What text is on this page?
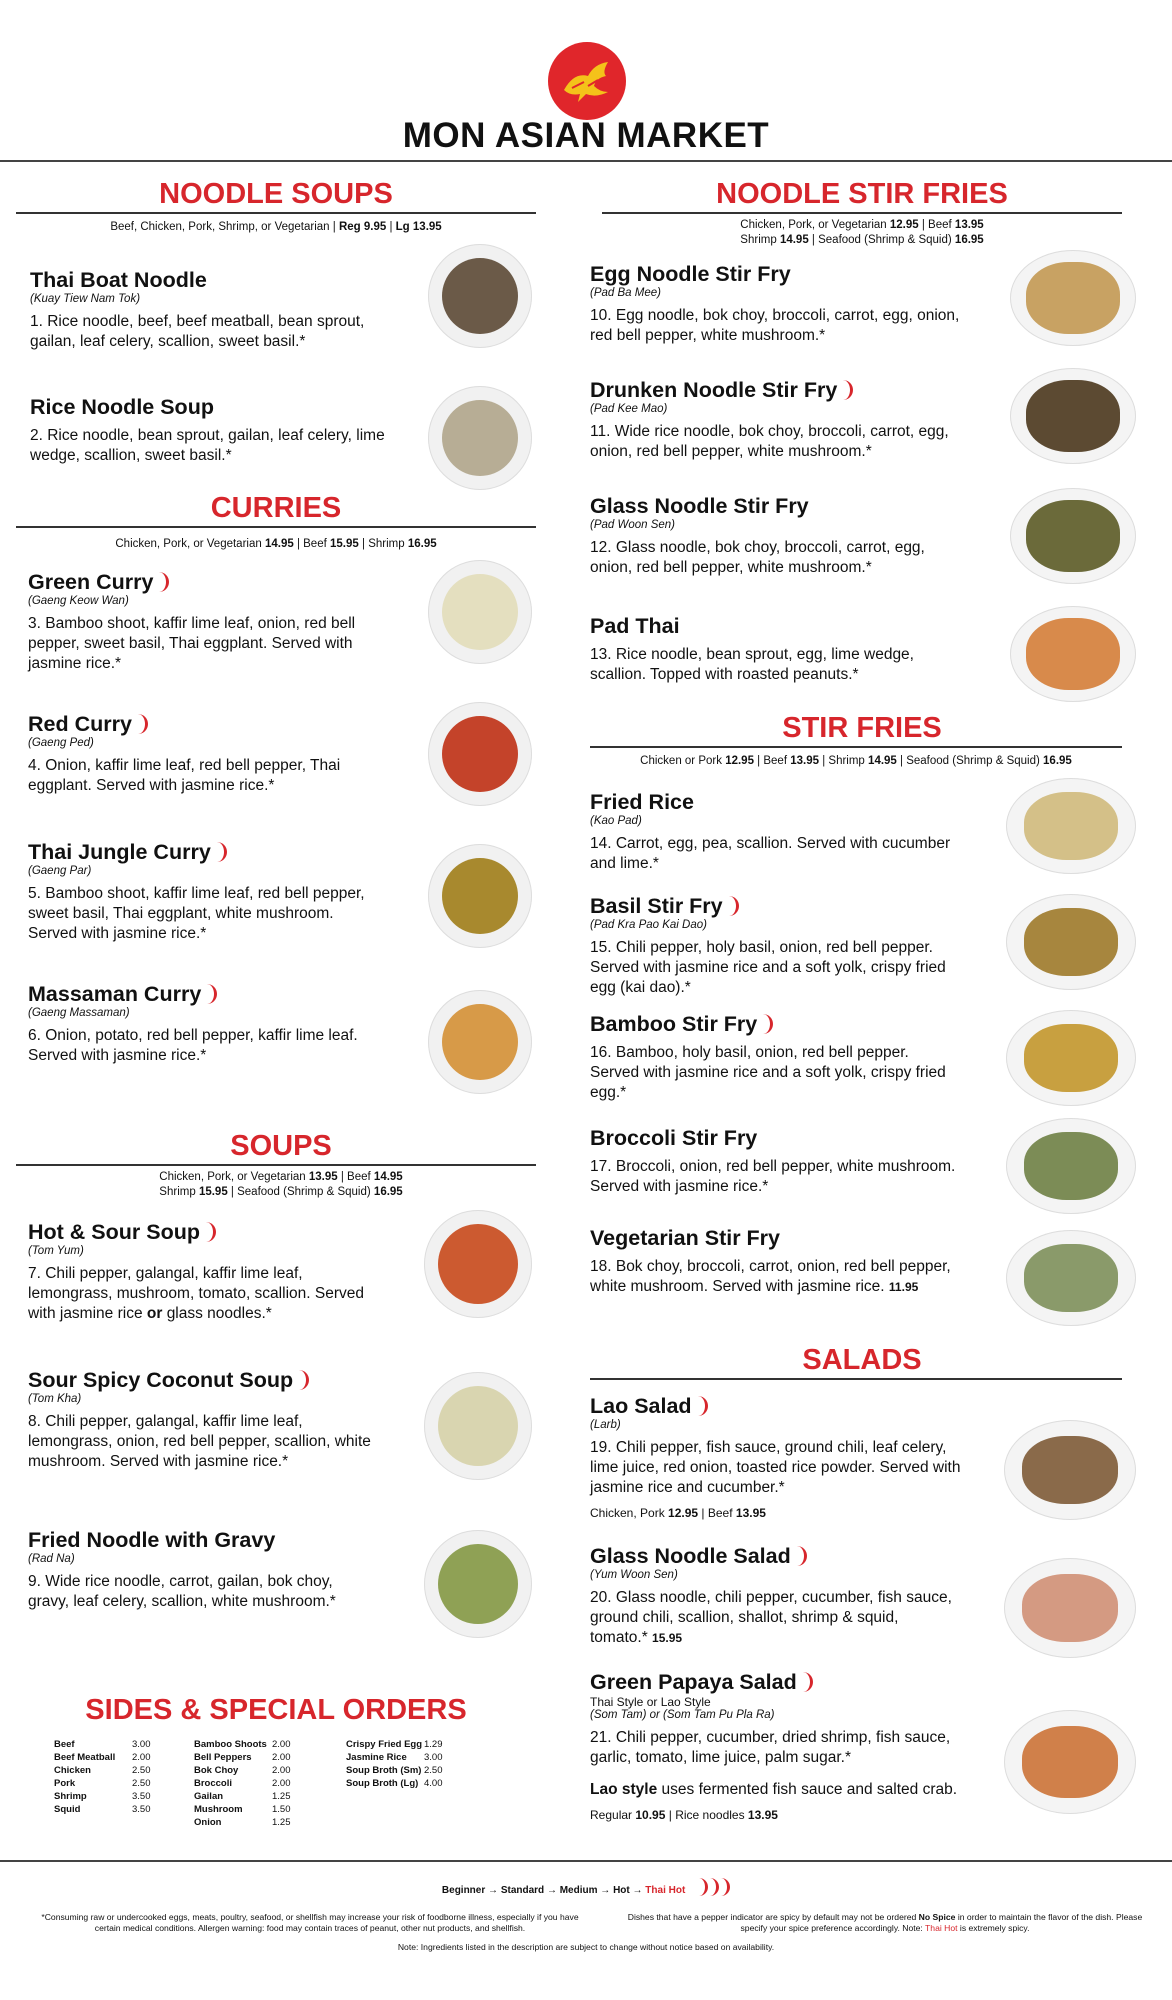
MON ASIAN MARKET
NOODLE SOUPS
Beef, Chicken, Pork, Shrimp, or Vegetarian | Reg 9.95 | Lg 13.95
Thai Boat Noodle
(Kuay Tiew Nam Tok)
1. Rice noodle, beef, beef meatball, bean sprout, gailan, leaf celery, scallion, sweet basil.*
Rice Noodle Soup
2. Rice noodle, bean sprout, gailan, leaf celery, lime wedge, scallion, sweet basil.*
CURRIES
Chicken, Pork, or Vegetarian 14.95 | Beef 15.95 | Shrimp 16.95
Green Curry
(Gaeng Keow Wan)
3. Bamboo shoot, kaffir lime leaf, onion, red bell pepper, sweet basil, Thai eggplant. Served with jasmine rice.*
Red Curry
(Gaeng Ped)
4. Onion, kaffir lime leaf, red bell pepper, Thai eggplant. Served with jasmine rice.*
Thai Jungle Curry
(Gaeng Par)
5. Bamboo shoot, kaffir lime leaf, red bell pepper, sweet basil, Thai eggplant, white mushroom. Served with jasmine rice.*
Massaman Curry
(Gaeng Massaman)
6. Onion, potato, red bell pepper, kaffir lime leaf. Served with jasmine rice.*
SOUPS
Chicken, Pork, or Vegetarian 13.95 | Beef 14.95
Shrimp 15.95 | Seafood (Shrimp & Squid) 16.95
Hot & Sour Soup
(Tom Yum)
7. Chili pepper, galangal, kaffir lime leaf, lemongrass, mushroom, tomato, scallion. Served with jasmine rice or glass noodles.*
Sour Spicy Coconut Soup
(Tom Kha)
8. Chili pepper, galangal, kaffir lime leaf, lemongrass, onion, red bell pepper, scallion, white mushroom. Served with jasmine rice.*
Fried Noodle with Gravy
(Rad Na)
9. Wide rice noodle, carrot, gailan, bok choy, gravy, leaf celery, scallion, white mushroom.*
SIDES & SPECIAL ORDERS
Beef	3.00
Beef Meatball	2.00
Chicken	2.50
Pork	2.50
Shrimp	3.50
Squid	3.50
Bamboo Shoots	2.00
Bell Peppers	2.00
Bok Choy	2.00
Broccoli	2.00
Gailan	1.25
Mushroom	1.50
Onion	1.25
Crispy Fried Egg	1.29
Jasmine Rice	3.00
Soup Broth (Sm)	2.50
Soup Broth (Lg)	4.00
NOODLE STIR FRIES
Chicken, Pork, or Vegetarian 12.95 | Beef 13.95
Shrimp 14.95 | Seafood (Shrimp & Squid) 16.95
Egg Noodle Stir Fry
(Pad Ba Mee)
10. Egg noodle, bok choy, broccoli, carrot, egg, onion, red bell pepper, white mushroom.*
Drunken Noodle Stir Fry
(Pad Kee Mao)
11. Wide rice noodle, bok choy, broccoli, carrot, egg, onion, red bell pepper, white mushroom.*
Glass Noodle Stir Fry
(Pad Woon Sen)
12. Glass noodle, bok choy, broccoli, carrot, egg, onion, red bell pepper, white mushroom.*
Pad Thai
13. Rice noodle, bean sprout, egg, lime wedge, scallion. Topped with roasted peanuts.*
STIR FRIES
Chicken or Pork 12.95 | Beef 13.95 | Shrimp 14.95 | Seafood (Shrimp & Squid) 16.95
Fried Rice
(Kao Pad)
14. Carrot, egg, pea, scallion. Served with cucumber and lime.*
Basil Stir Fry
(Pad Kra Pao Kai Dao)
15. Chili pepper, holy basil, onion, red bell pepper. Served with jasmine rice and a soft yolk, crispy fried egg (kai dao).*
Bamboo Stir Fry
16. Bamboo, holy basil, onion, red bell pepper. Served with jasmine rice and a soft yolk, crispy fried egg.*
Broccoli Stir Fry
17. Broccoli, onion, red bell pepper, white mushroom. Served with jasmine rice.*
Vegetarian Stir Fry
18. Bok choy, broccoli, carrot, onion, red bell pepper, white mushroom. Served with jasmine rice. 11.95
SALADS
Lao Salad
(Larb)
19. Chili pepper, fish sauce, ground chili, leaf celery, lime juice, red onion, toasted rice powder. Served with jasmine rice and cucumber.*
Chicken, Pork 12.95 | Beef 13.95
Glass Noodle Salad
(Yum Woon Sen)
20. Glass noodle, chili pepper, cucumber, fish sauce, ground chili, scallion, shallot, shrimp & squid, tomato.* 15.95
Green Papaya Salad
Thai Style or Lao Style
(Som Tam) or (Som Tam Pu Pla Ra)
21. Chili pepper, cucumber, dried shrimp, fish sauce, garlic, tomato, lime juice, palm sugar.*
Lao style uses fermented fish sauce and salted crab.
Regular 10.95 | Rice noodles 13.95
Beginner → Standard → Medium → Hot → Thai Hot
*Consuming raw or undercooked eggs, meats, poultry, seafood, or shellfish may increase your risk of foodborne illness, especially if you have certain medical conditions. Allergen warning: food may contain traces of peanut, other nut products, and shellfish.
Dishes that have a pepper indicator are spicy by default may not be ordered No Spice in order to maintain the flavor of the dish. Please specify your spice preference accordingly. Note: Thai Hot is extremely spicy.
Note: Ingredients listed in the description are subject to change without notice based on availability.
